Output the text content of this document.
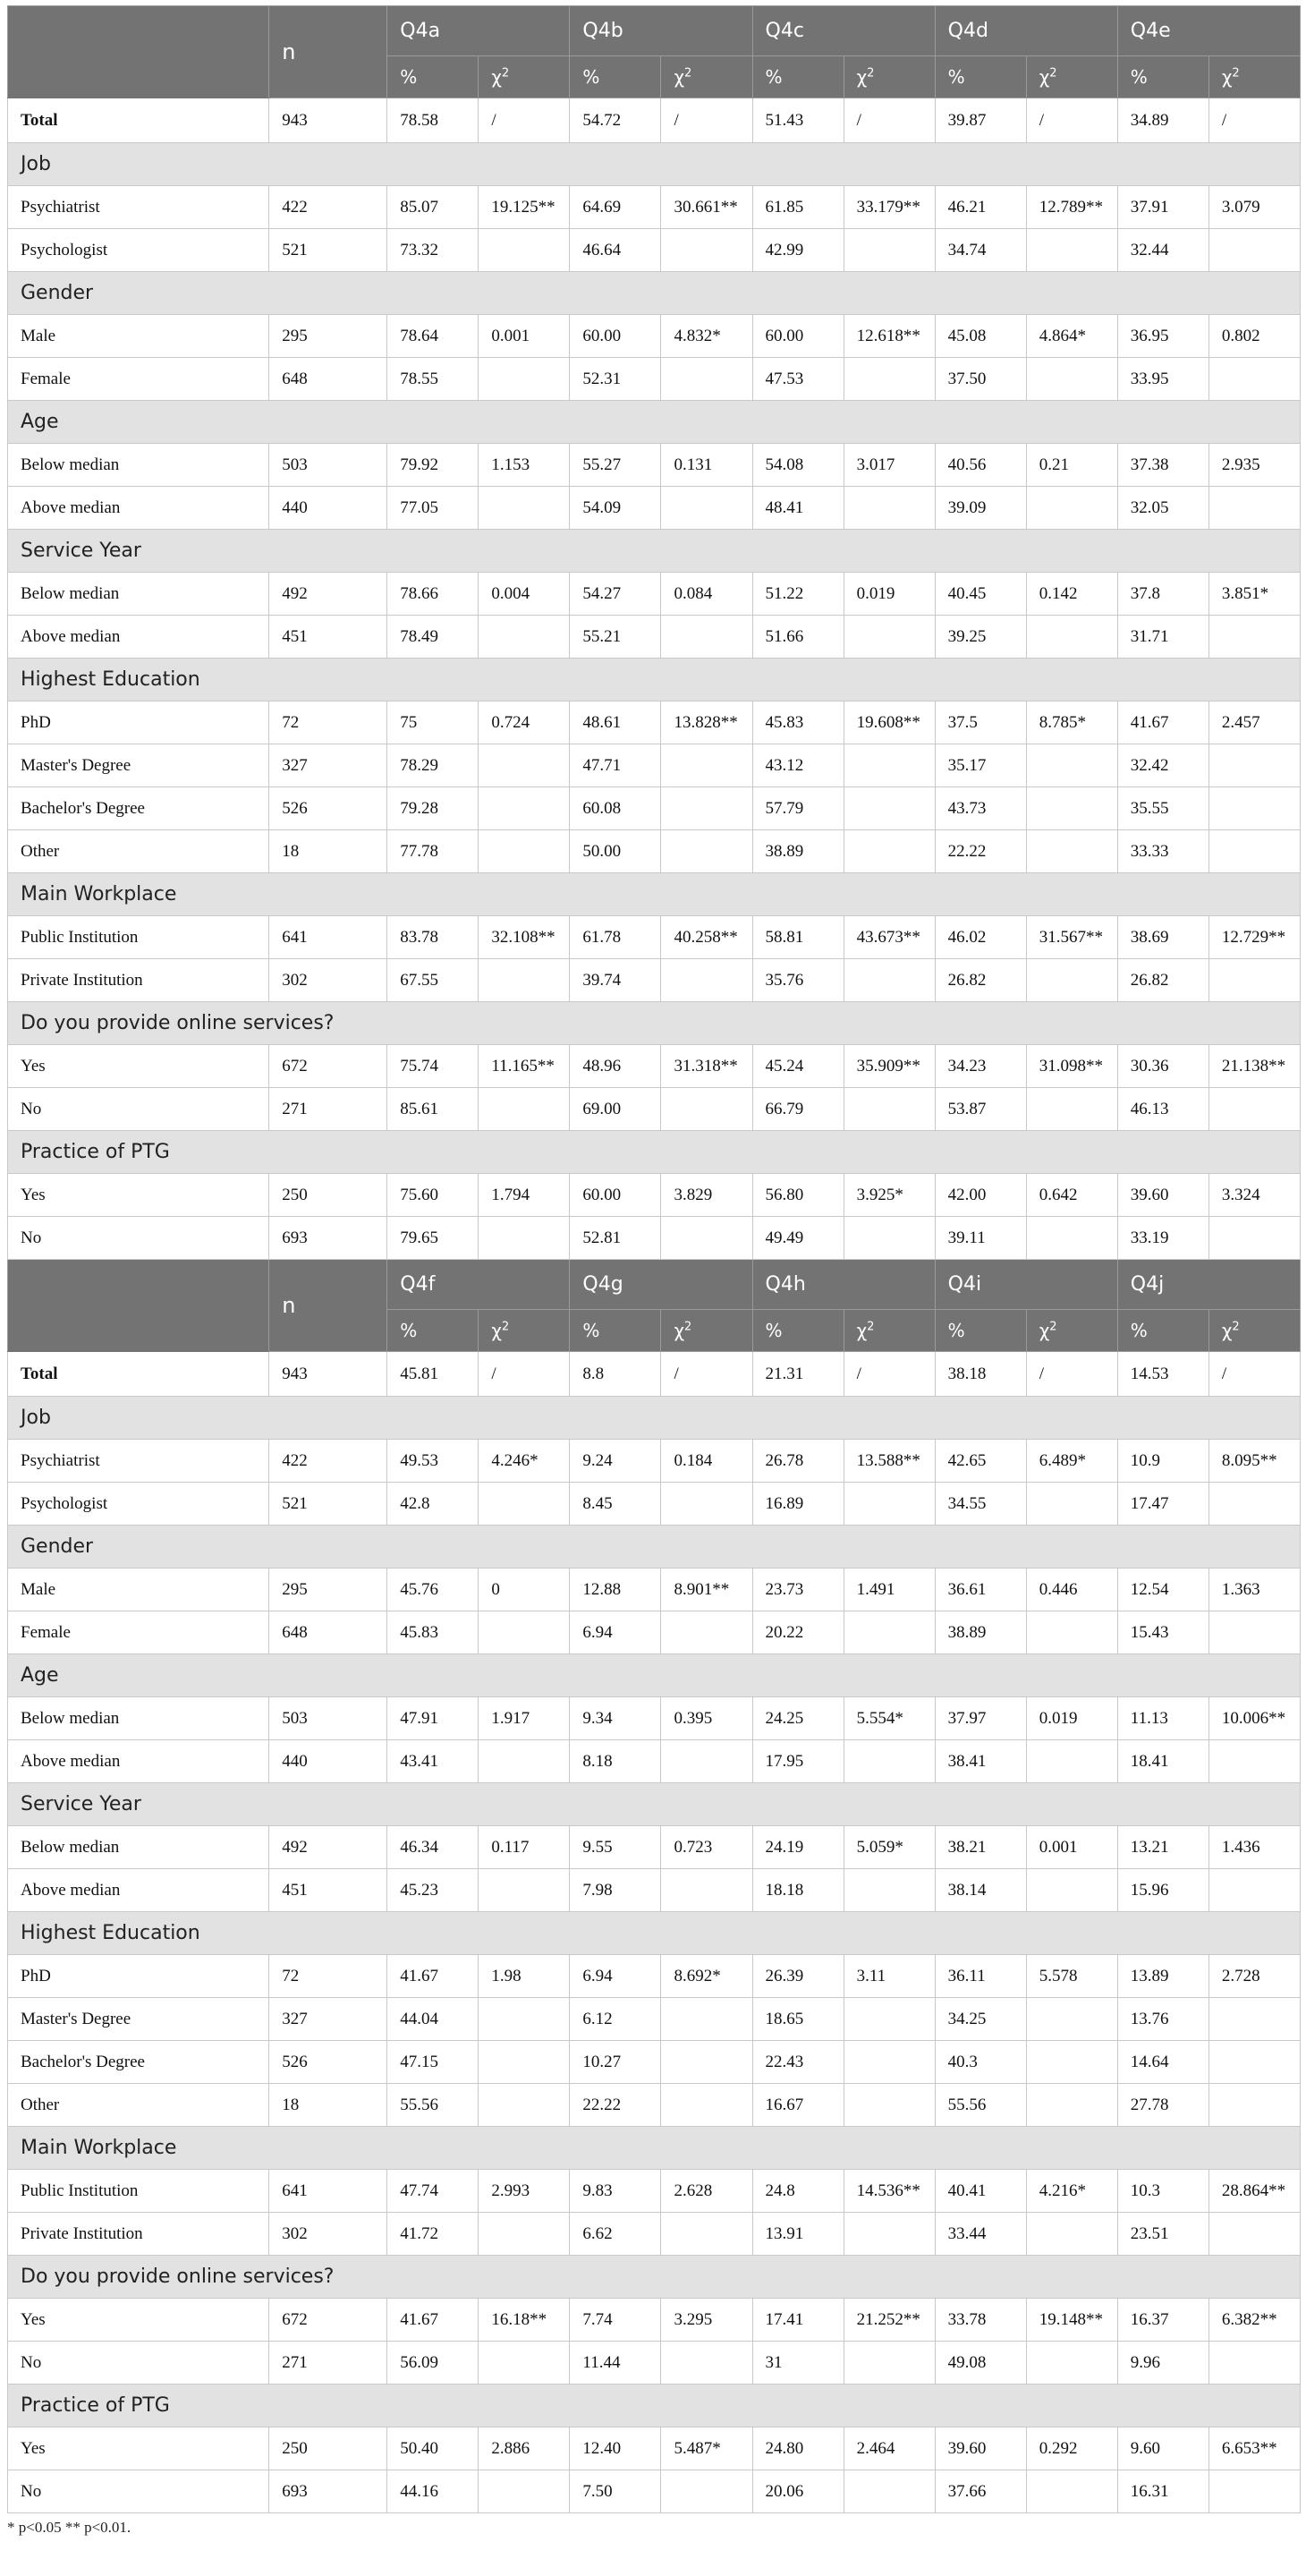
	n	Q4a		Q4b		Q4c		Q4d		Q4e	
		%	$\chi^2$	%	$\chi^2$	%	$\chi^2$	%	$\chi^2$	%	$\chi^2$
Total	943	78.58	/	54.72	/	51.43	/	39.87	/	34.89	/
Job											
Psychiatrist	422	85.07	19.125**	64.69	30.661**	61.85	33.179**	46.21	12.789**	37.91	3.079
Psychologist	521	73.32		46.64		42.99		34.74		32.44	
Gender											
Male	295	78.64	0.001	60.00	4.832*	60.00	12.618**	45.08	4.864*	36.95	0.802
Female	648	78.55		52.31		47.53		37.50		33.95	
Age											
Below median	503	79.92	1.153	55.27	0.131	54.08	3.017	40.56	0.21	37.38	2.935
Above median	440	77.05		54.09		48.41		39.09		32.05	
Service Year											
Below median	492	78.66	0.004	54.27	0.084	51.22	0.019	40.45	0.142	37.8	3.851*
Above median	451	78.49		55.21		51.66		39.25		31.71	
Highest Education											
PhD	72	75	0.724	48.61	13.828**	45.83	19.608**	37.5	8.785*	41.67	2.457
Master's Degree	327	78.29		47.71		43.12		35.17		32.42	
Bachelor's Degree	526	79.28		60.08		57.79		43.73		35.55	
Other	18	77.78		50.00		38.89		22.22		33.33	
Main Workplace											
Public Institution	641	83.78	32.108**	61.78	40.258**	58.81	43.673**	46.02	31.567**	38.69	12.729**
Private Institution	302	67.55		39.74		35.76		26.82		26.82	
Do you provide online services?											
Yes	672	75.74	11.165**	48.96	31.318**	45.24	35.909**	34.23	31.098**	30.36	21.138**
No	271	85.61		69.00		66.79		53.87		46.13	
Practice of PTG											
Yes	250	75.60	1.794	60.00	3.829	56.80	3.925*	42.00	0.642	39.60	3.324
No	693	79.65		52.81		49.49		39.11		33.19	
	n	Q4f		Q4g		Q4h		Q4i		Q4j	
		%	$\chi^2$	%	$\chi^2$	%	$\chi^2$	%	$\chi^2$	%	$\chi^2$
Total	943	45.81	/	8.8	/	21.31	/	38.18	/	14.53	/
Job											
Psychiatrist	422	49.53	4.246*	9.24	0.184	26.78	13.588**	42.65	6.489*	10.9	8.095**
Psychologist	521	42.8		8.45		16.89		34.55		17.47	
Gender											
Male	295	45.76	0	12.88	8.901**	23.73	1.491	36.61	0.446	12.54	1.363
Female	648	45.83		6.94		20.22		38.89		15.43	
Age											
Below median	503	47.91	1.917	9.34	0.395	24.25	5.554*	37.97	0.019	11.13	10.006**
Above median	440	43.41		8.18		17.95		38.41		18.41	
Service Year											
Below median	492	46.34	0.117	9.55	0.723	24.19	5.059*	38.21	0.001	13.21	1.436
Above median	451	45.23		7.98		18.18		38.14		15.96	
Highest Education											
PhD	72	41.67	1.98	6.94	8.692*	26.39	3.11	36.11	5.578	13.89	2.728
Master's Degree	327	44.04		6.12		18.65		34.25		13.76	
Bachelor's Degree	526	47.15		10.27		22.43		40.3		14.64	
Other	18	55.56		22.22		16.67		55.56		27.78	
Main Workplace											
Public Institution	641	47.74	2.993	9.83	2.628	24.8	14.536**	40.41	4.216*	10.3	28.864**
Private Institution	302	41.72		6.62		13.91		33.44		23.51	
Do you provide online services?											
Yes	672	41.67	16.18**	7.74	3.295	17.41	21.252**	33.78	19.148**	16.37	6.382**
No	271	56.09		11.44		31		49.08		9.96	
Practice of PTG											
Yes	250	50.40	2.886	12.40	5.487*	24.80	2.464	39.60	0.292	9.60	6.653**
No	693	44.16		7.50		20.06		37.66		16.31	
* p<0.05 ** p<0.01.
